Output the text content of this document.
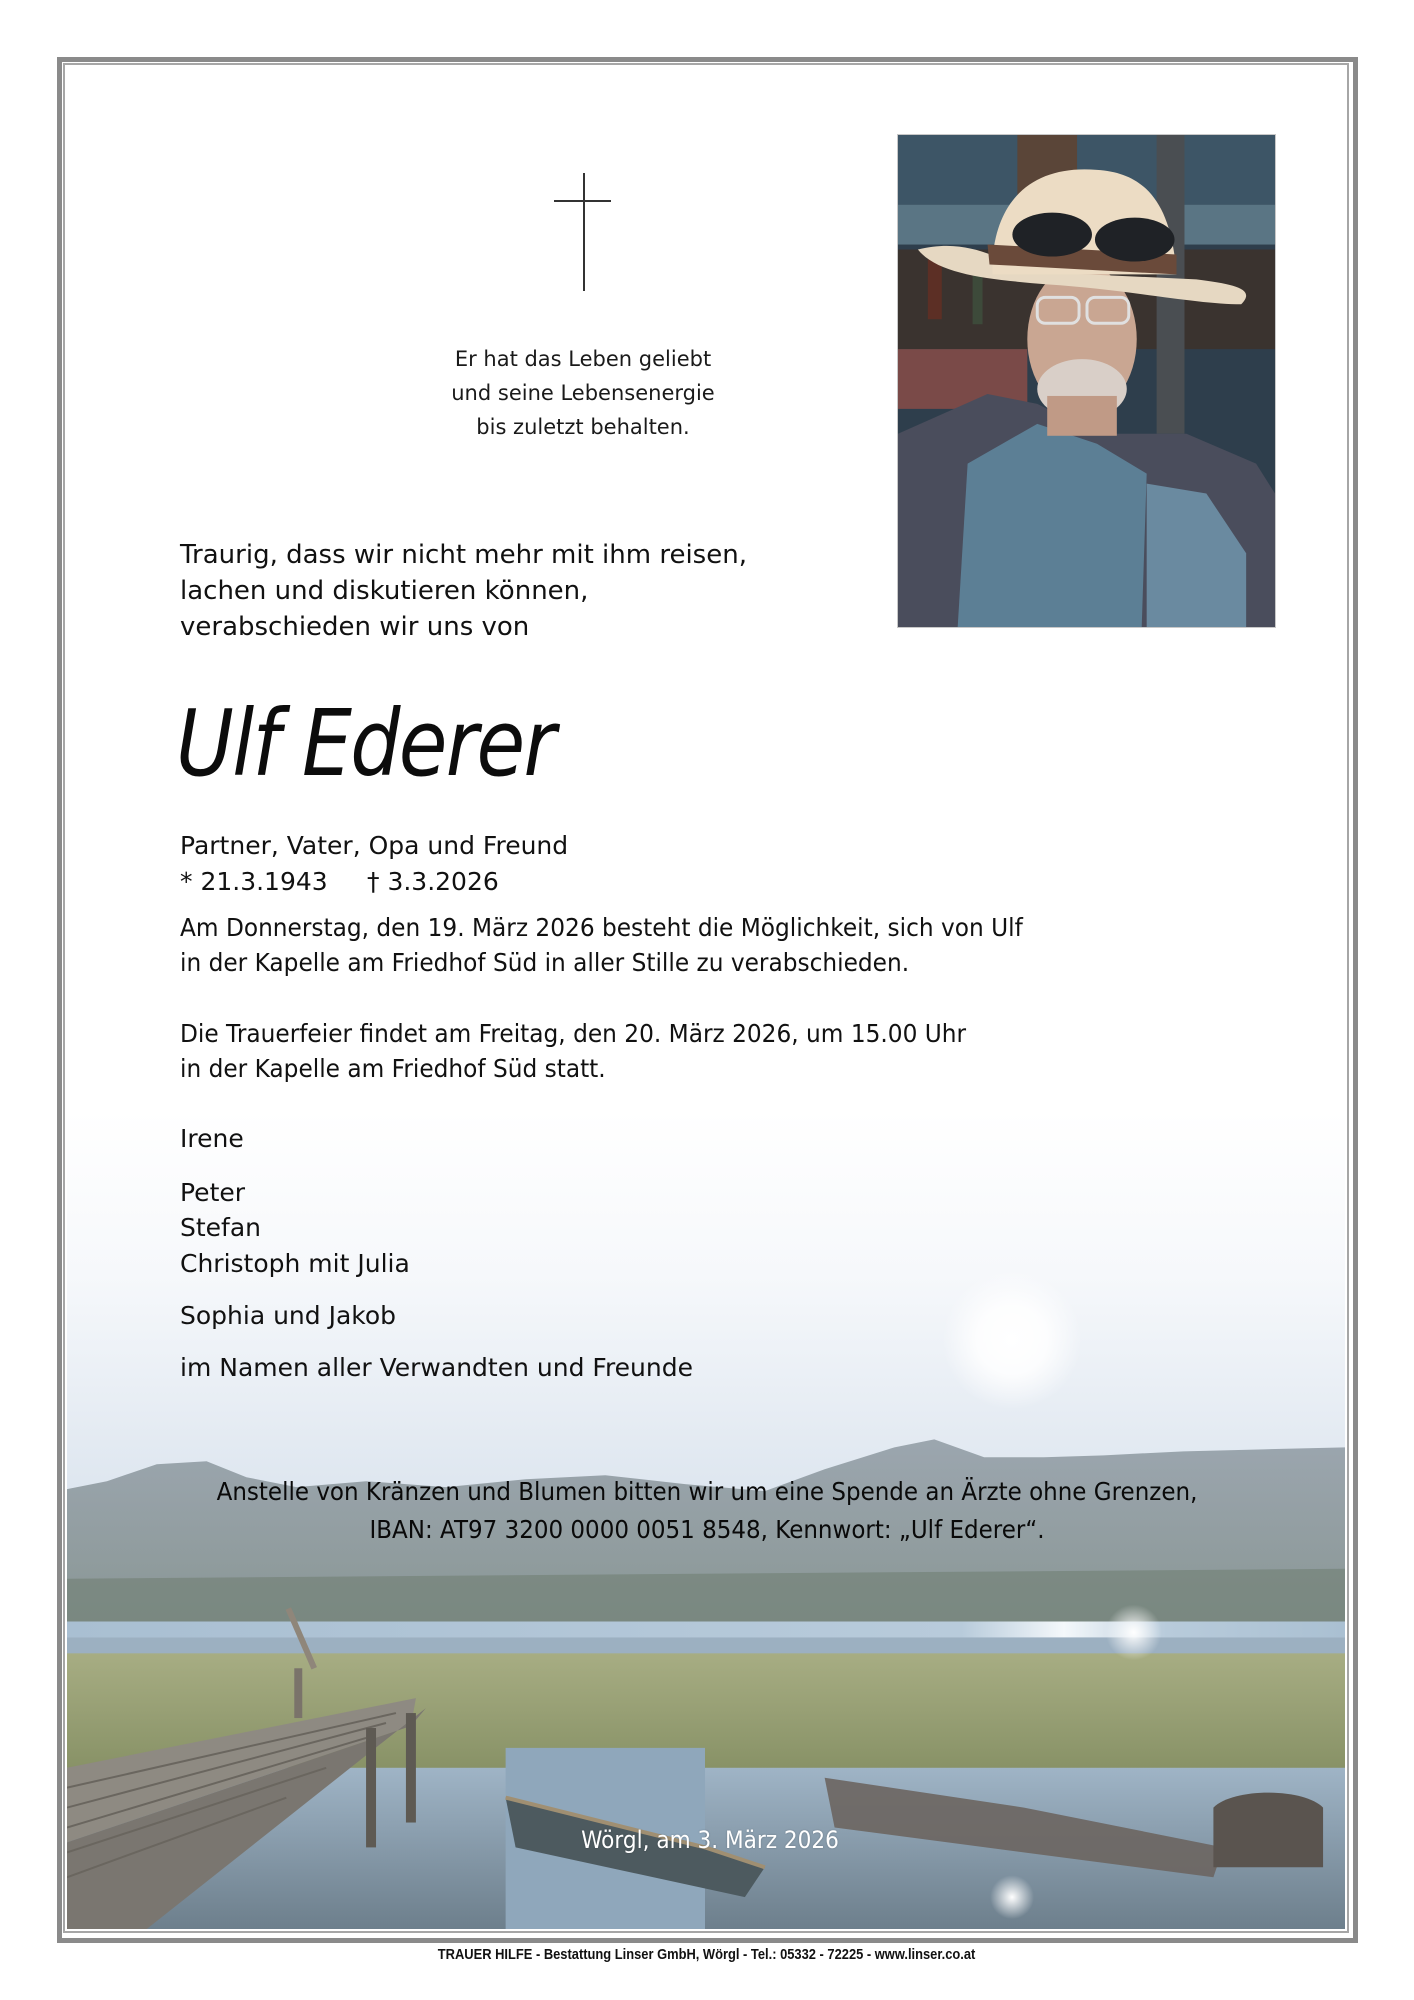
Er hat das Leben geliebt
und seine Lebensenergie
bis zuletzt behalten.
Traurig, dass wir nicht mehr mit ihm reisen,
lachen und diskutieren können,
verabschieden wir uns von
Ulf Ederer
Partner, Vater, Opa und Freund
* 21.3.1943 † 3.3.2026
Am Donnerstag, den 19. März 2026 besteht die Möglichkeit, sich von Ulf
in der Kapelle am Friedhof Süd in aller Stille zu verabschieden.
Die Trauerfeier findet am Freitag, den 20. März 2026, um 15.00 Uhr
in der Kapelle am Friedhof Süd statt.
Irene
Peter
Stefan
Christoph mit Julia
Sophia und Jakob
im Namen aller Verwandten und Freunde
Anstelle von Kränzen und Blumen bitten wir um eine Spende an Ärzte ohne Grenzen,
IBAN: AT97 3200 0000 0051 8548, Kennwort: „Ulf Ederer“.
Wörgl, am 3. März 2026
TRAUER HILFE - Bestattung Linser GmbH, Wörgl - Tel.: 05332 - 72225 - www.linser.co.at
